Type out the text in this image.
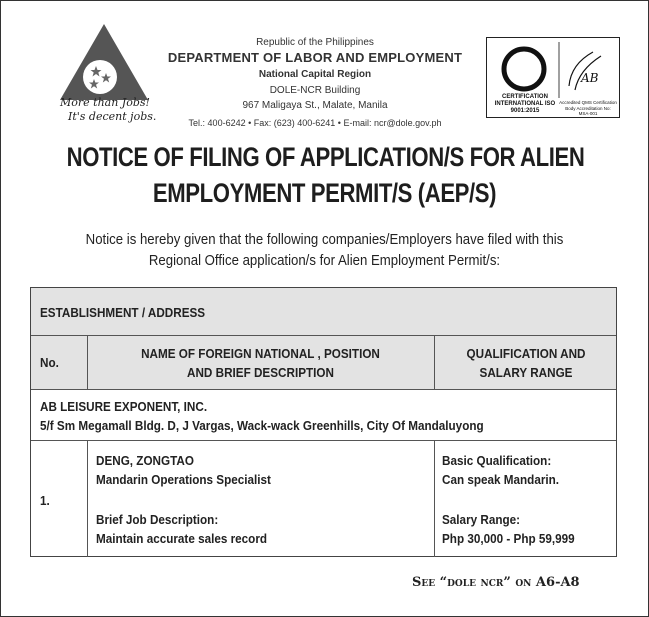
More than Jobs!
It's decent jobs.
Republic of the Philippines
DEPARTMENT OF LABOR AND EMPLOYMENT
National Capital Region
DOLE-NCR Building
967 Maligaya St., Malate, Manila
Tel.: 400-6242 • Fax: (623) 400-6241 • E-mail: ncr@dole.gov.ph
AB
CERTIFICATION INTERNATIONAL ISO 9001:2015
Accredited QMS Certification Body Accreditation No: MSA-001
NOTICE OF FILING OF APPLICATION/S FOR ALIEN
EMPLOYMENT PERMIT/S (AEP/S)
Notice is hereby given that the following companies/Employers have filed with this
Regional Office application/s for Alien Employment Permit/s:
ESTABLISHMENT / ADDRESS
No.
NAME OF FOREIGN NATIONAL , POSITION
AND BRIEF DESCRIPTION
QUALIFICATION AND
SALARY RANGE
AB LEISURE EXPONENT, INC.
5/f Sm Megamall Bldg. D, J Vargas, Wack-wack Greenhills, City Of Mandaluyong
1.
DENG, ZONGTAO
Mandarin Operations Specialist
Brief Job Description:
Maintain accurate sales record
Basic Qualification:
Can speak Mandarin.
Salary Range:
Php 30,000 - Php 59,999
See “dole ncr” on A6-A8
